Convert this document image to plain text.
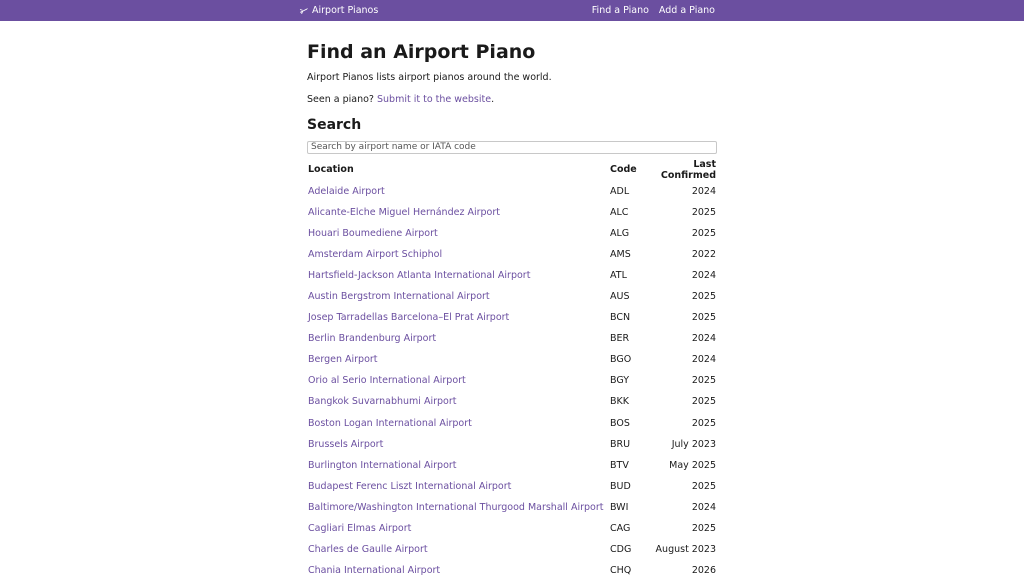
Airport Pianos	Find a Piano Add a Piano
Find an Airport Piano

Airport Pianos lists airport pianos around the world.

Seen a piano? Submit it to the website.

Search
Search by airport name or IATA code
Location	Code	Last Confirmed
Adelaide Airport	ADL	2024
Alicante-Elche Miguel Hernández Airport	ALC	2025
Houari Boumediene Airport	ALG	2025
Amsterdam Airport Schiphol	AMS	2022
Hartsfield-Jackson Atlanta International Airport	ATL	2024
Austin Bergstrom International Airport	AUS	2025
Josep Tarradellas Barcelona–El Prat Airport	BCN	2025
Berlin Brandenburg Airport	BER	2024
Bergen Airport	BGO	2024
Orio al Serio International Airport	BGY	2025
Bangkok Suvarnabhumi Airport	BKK	2025
Boston Logan International Airport	BOS	2025
Brussels Airport	BRU	July 2023
Burlington International Airport	BTV	May 2025
Budapest Ferenc Liszt International Airport	BUD	2025
Baltimore/Washington International Thurgood Marshall Airport	BWI	2024
Cagliari Elmas Airport	CAG	2025
Charles de Gaulle Airport	CDG	August 2023
Chania International Airport	CHQ	2026
